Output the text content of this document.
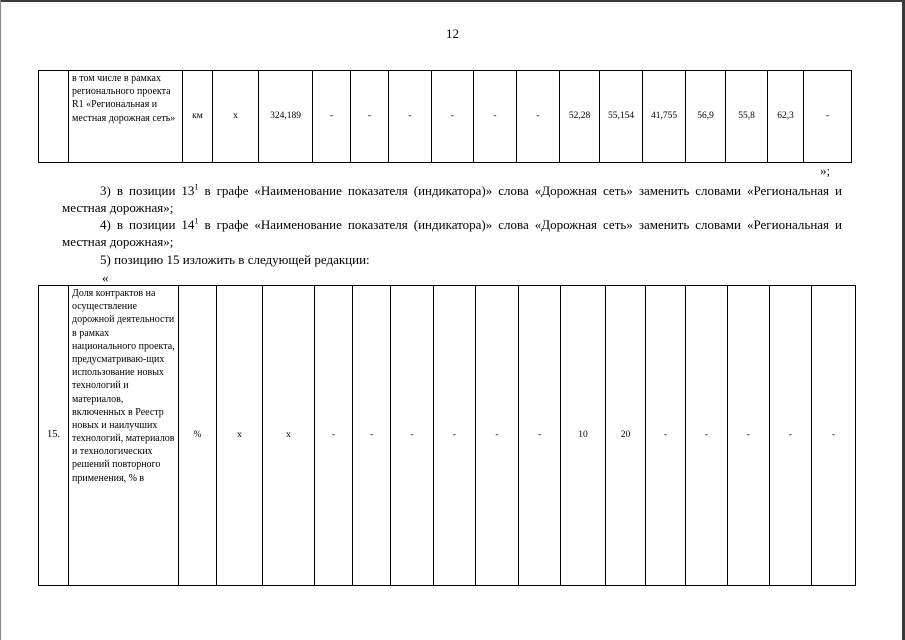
12
	в том числе в рамках регионального проекта R1 «Региональная и местная дорожная сеть»	км	х	324,189	-	-	-	-	-	-	52,28	55,154	41,755	56,9	55,8	62,3	-
»;
3) в позиции $13^1$ в графе «Наименование показателя (индикатора)» слова «Дорожная сеть» заменить словами «Региональная и местная дорожная»;
4) в позиции $14^1$ в графе «Наименование показателя (индикатора)» слова «Дорожная сеть» заменить словами «Региональная и местная дорожная»;
5) позицию 15 изложить в следующей редакции:
«
15.	Доля контрактов на осуществление дорожной деятельности в рамках национального проекта, предусматриваю-щих использование новых технологий и материалов, включенных в Реестр новых и наилучших технологий, материалов и технологических решений повторного применения, % в	%	х	х	-	-	-	-	-	-	10	20	-	-	-	-	-
